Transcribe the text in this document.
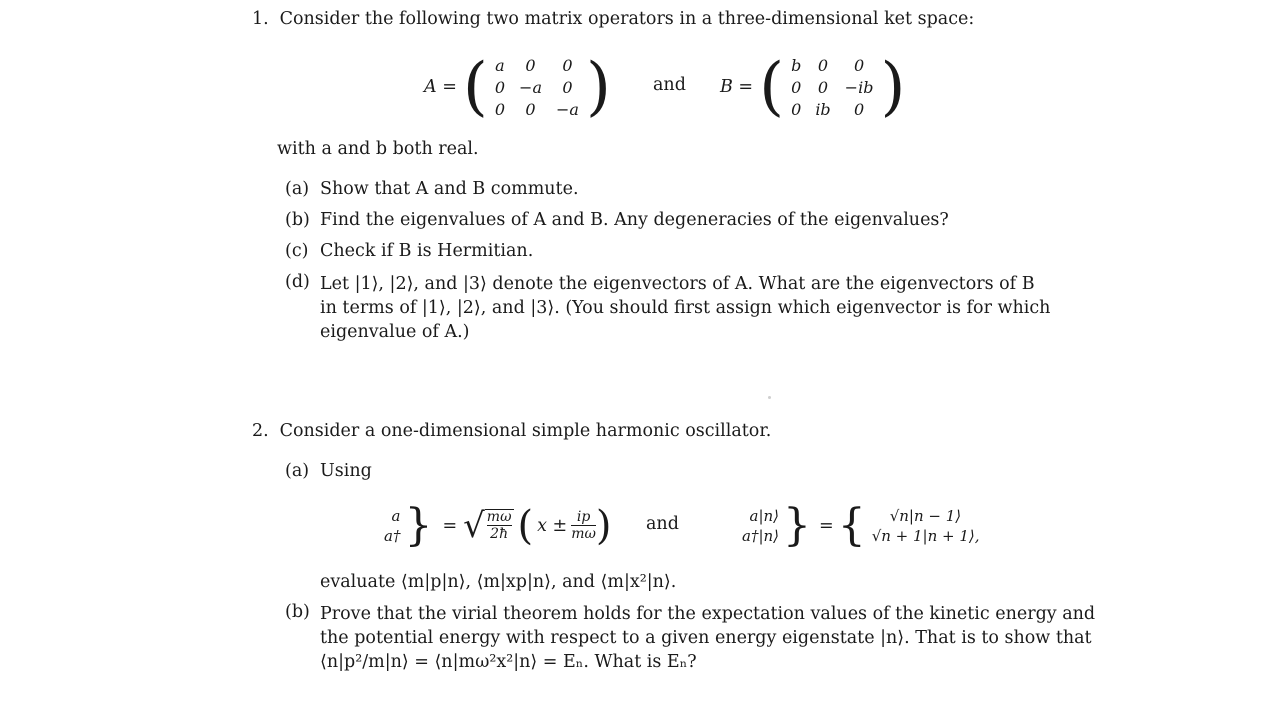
1. Consider the following two matrix operators in a three-dimensional ket space:
A = ( a	0	0
0	−a	0
0	0	−a ) and B = ( b	0	0
0	0	−ib
0	ib	0 )
with a and b both real.
(a) Show that A and B commute.
(b) Find the eigenvalues of A and B. Any degeneracies of the eigenvalues?
(c) Check if B is Hermitian.
(d) Let |1⟩, |2⟩, and |3⟩ denote the eigenvectors of A. What are the eigenvectors of B
in terms of |1⟩, |2⟩, and |3⟩. (You should first assign which eigenvector is for which
eigenvalue of A.)
2. Consider a one-dimensional simple harmonic oscillator.
(a) Using
a
a† } = √ $\frac{m\omega}{2ħ}$ ( $x \pm \frac{ip}{m\omega}$ ) and	a|n⟩
a†|n⟩ } = {	√n|n − 1⟩
√n + 1|n + 1⟩,
evaluate ⟨m|p|n⟩, ⟨m|xp|n⟩, and ⟨m|x²|n⟩.
(b) Prove that the virial theorem holds for the expectation values of the kinetic energy and
the potential energy with respect to a given energy eigenstate |n⟩. That is to show that
⟨n|p²/m|n⟩ = ⟨n|mω²x²|n⟩ = Eₙ. What is Eₙ?
